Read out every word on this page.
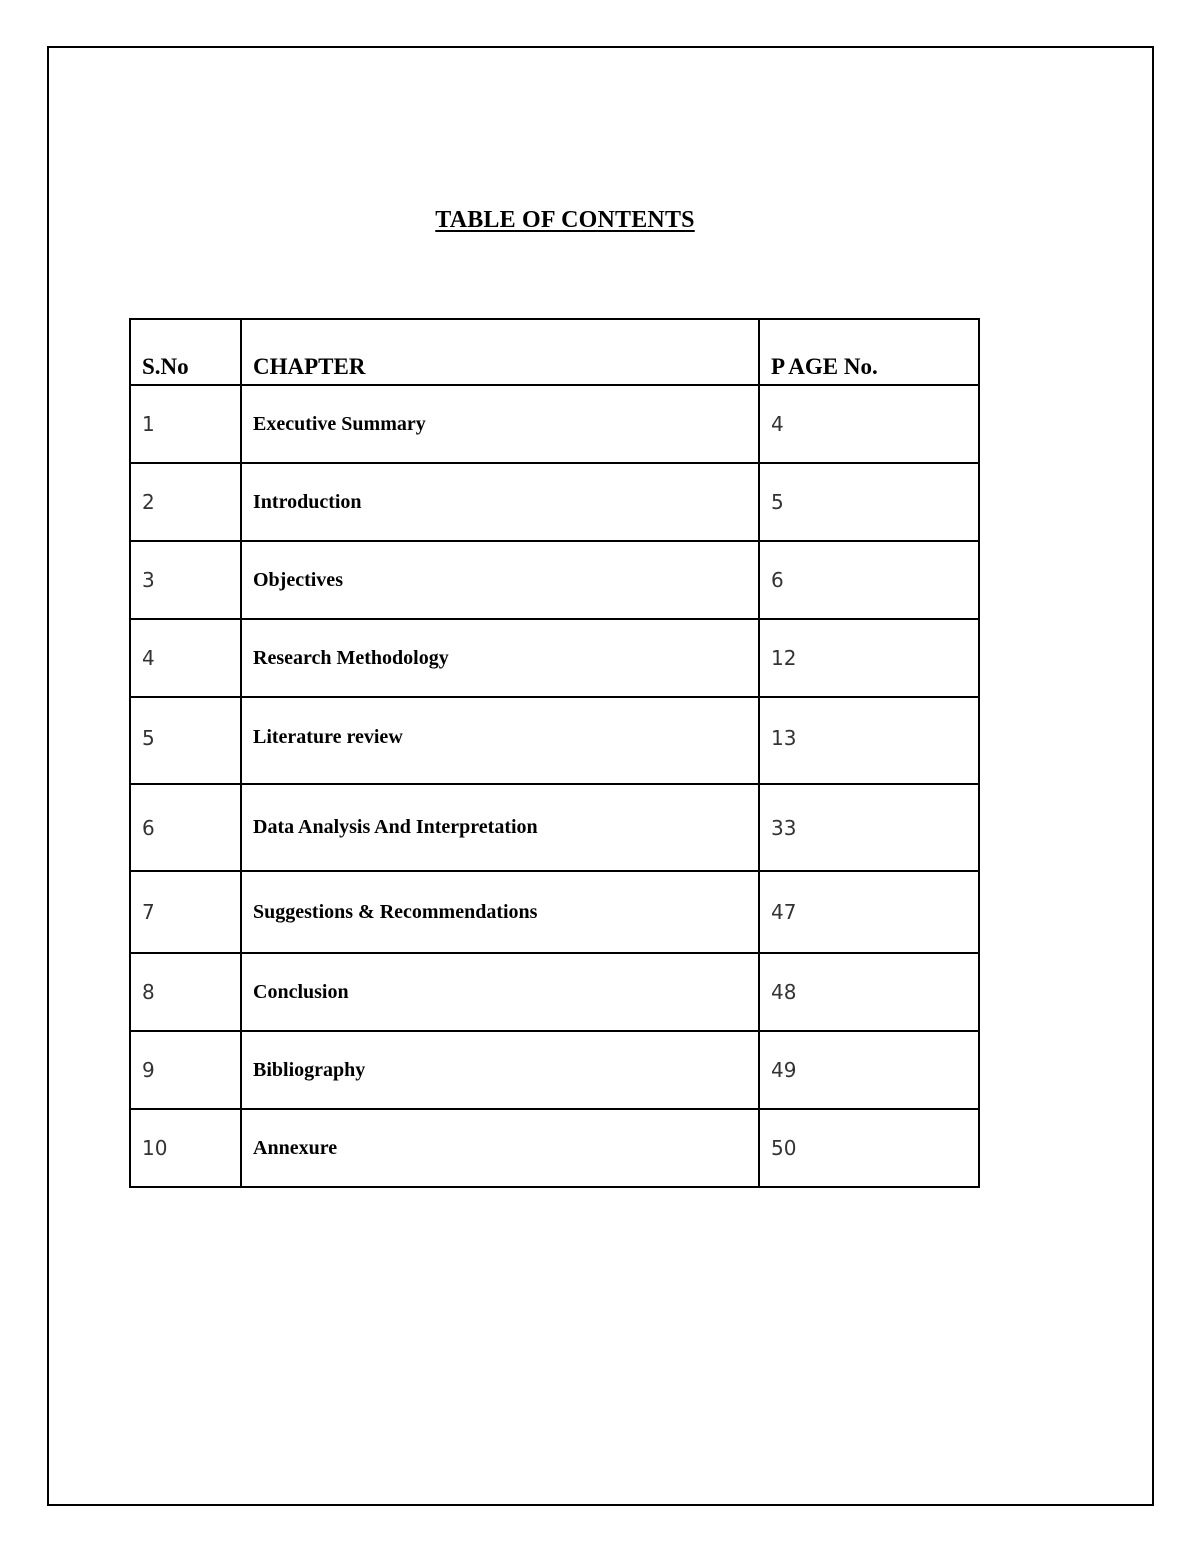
TABLE OF CONTENTS
S.No	CHAPTER	P AGE No.
1	Executive Summary	4
2	Introduction	5
3	Objectives	6
4	Research Methodology	12
5	Literature review	13
6	Data Analysis And Interpretation	33
7	Suggestions & Recommendations	47
8	Conclusion	48
9	Bibliography	49
10	Annexure	50
